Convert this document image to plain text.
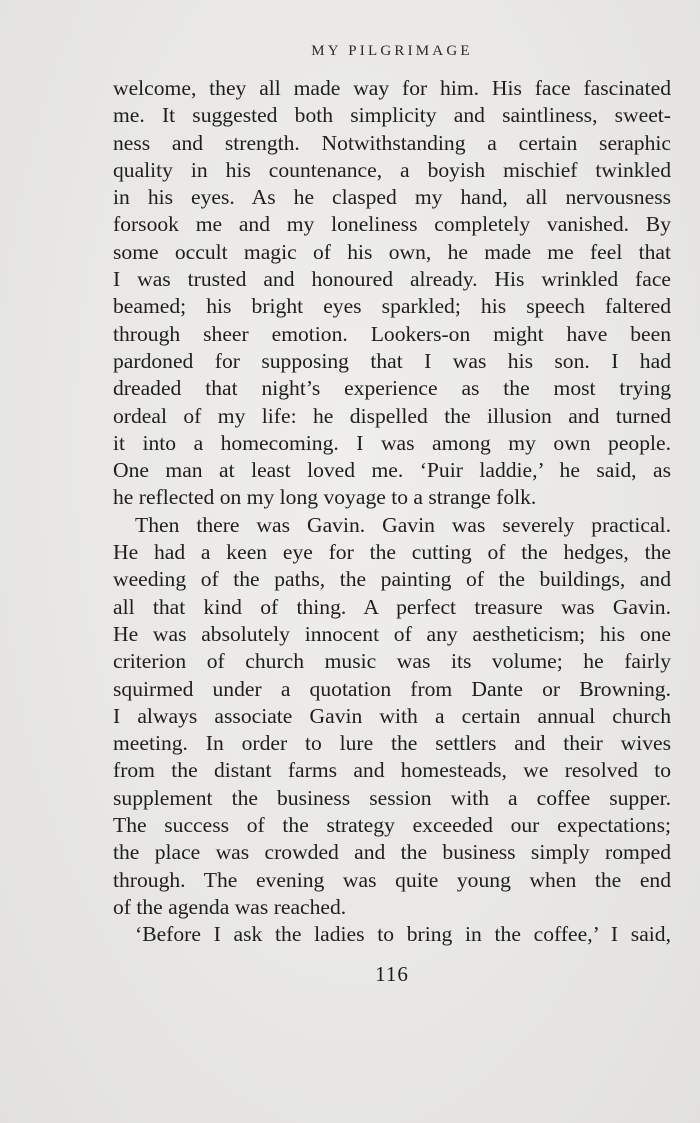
MY PILGRIMAGE
welcome, they all made way for him. His face fascinated
me. It suggested both simplicity and saintliness, sweet-
ness and strength. Notwithstanding a certain seraphic
quality in his countenance, a boyish mischief twinkled
in his eyes. As he clasped my hand, all nervousness
forsook me and my loneliness completely vanished. By
some occult magic of his own, he made me feel that
I was trusted and honoured already. His wrinkled face
beamed; his bright eyes sparkled; his speech faltered
through sheer emotion. Lookers-on might have been
pardoned for supposing that I was his son. I had
dreaded that night’s experience as the most trying
ordeal of my life: he dispelled the illusion and turned
it into a homecoming. I was among my own people.
One man at least loved me. ‘Puir laddie,’ he said, as
he reflected on my long voyage to a strange folk.
Then there was Gavin. Gavin was severely practical.
He had a keen eye for the cutting of the hedges, the
weeding of the paths, the painting of the buildings, and
all that kind of thing. A perfect treasure was Gavin.
He was absolutely innocent of any aestheticism; his one
criterion of church music was its volume; he fairly
squirmed under a quotation from Dante or Browning.
I always associate Gavin with a certain annual church
meeting. In order to lure the settlers and their wives
from the distant farms and homesteads, we resolved to
supplement the business session with a coffee supper.
The success of the strategy exceeded our expectations;
the place was crowded and the business simply romped
through. The evening was quite young when the end
of the agenda was reached.
‘Before I ask the ladies to bring in the coffee,’ I said,
116
